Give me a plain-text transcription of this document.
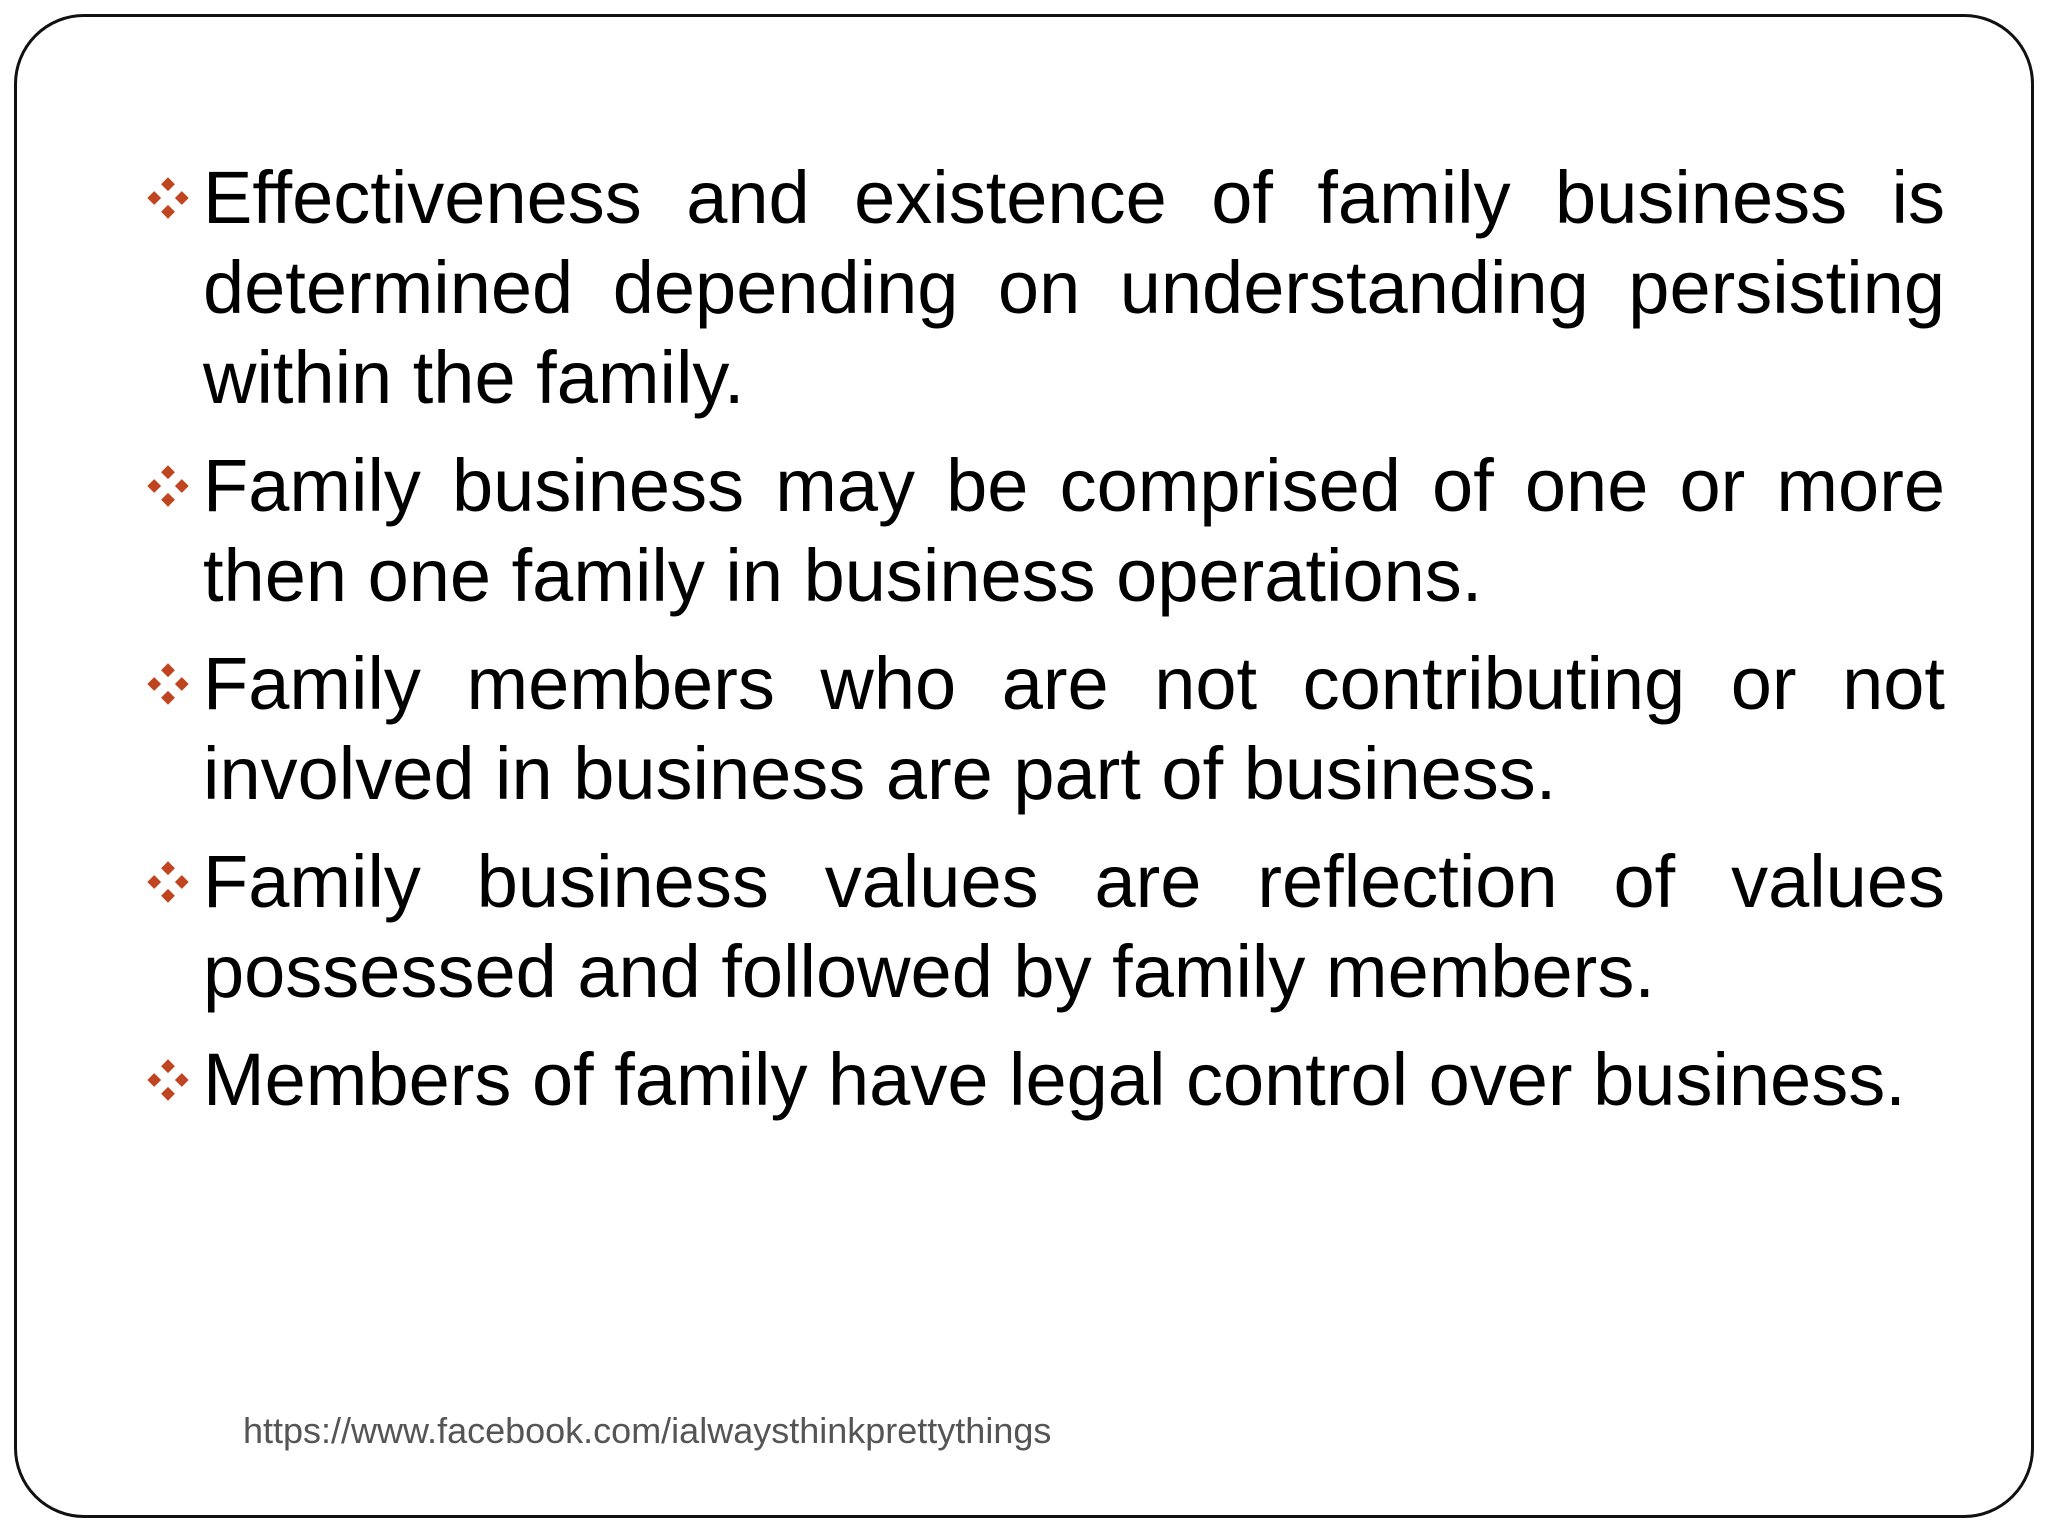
Effectiveness and existence of family business is determined depending on understanding persisting within the family.
Family business may be comprised of one or more then one family in business operations.
Family members who are not contributing or not involved in business are part of business.
Family business values are reflection of values possessed and followed by family members.
Members of family have legal control over business.
https://www.facebook.com/ialwaysthinkprettythings
